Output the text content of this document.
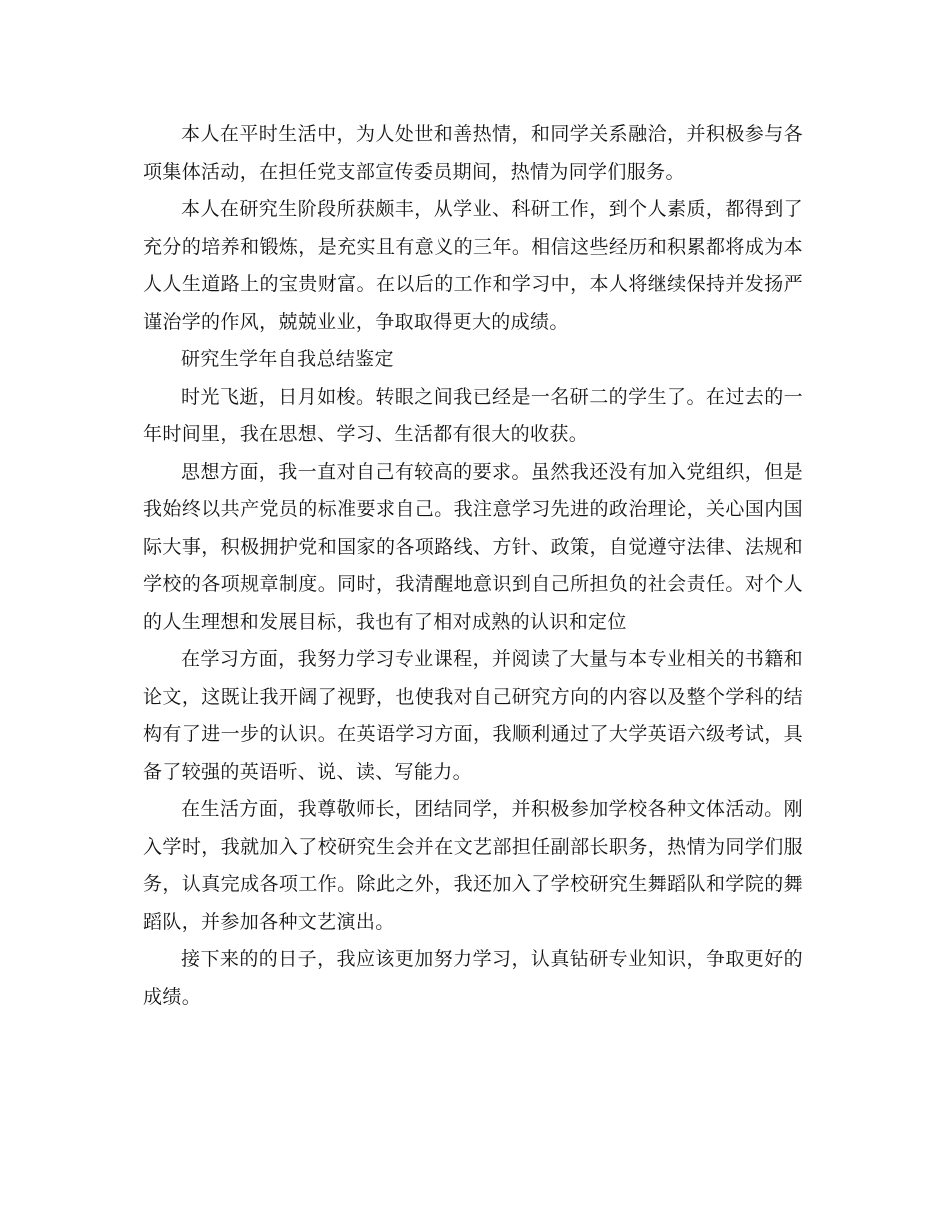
本人在平时生活中，为人处世和善热情，和同学关系融洽，并积极参与各项集体活动，在担任党支部宣传委员期间，热情为同学们服务。

本人在研究生阶段所获颇丰，从学业、科研工作，到个人素质，都得到了充分的培养和锻炼，是充实且有意义的三年。相信这些经历和积累都将成为本人人生道路上的宝贵财富。在以后的工作和学习中，本人将继续保持并发扬严谨治学的作风，兢兢业业，争取取得更大的成绩。

研究生学年自我总结鉴定

时光飞逝，日月如梭。转眼之间我已经是一名研二的学生了。在过去的一年时间里，我在思想、学习、生活都有很大的收获。

思想方面，我一直对自己有较高的要求。虽然我还没有加入党组织，但是我始终以共产党员的标准要求自己。我注意学习先进的政治理论，关心国内国际大事，积极拥护党和国家的各项路线、方针、政策，自觉遵守法律、法规和学校的各项规章制度。同时，我清醒地意识到自己所担负的社会责任。对个人的人生理想和发展目标，我也有了相对成熟的认识和定位

在学习方面，我努力学习专业课程，并阅读了大量与本专业相关的书籍和论文，这既让我开阔了视野，也使我对自己研究方向的内容以及整个学科的结构有了进一步的认识。在英语学习方面，我顺利通过了大学英语六级考试，具备了较强的英语听、说、读、写能力。

在生活方面，我尊敬师长，团结同学，并积极参加学校各种文体活动。刚入学时，我就加入了校研究生会并在文艺部担任副部长职务，热情为同学们服务，认真完成各项工作。除此之外，我还加入了学校研究生舞蹈队和学院的舞蹈队，并参加各种文艺演出。

接下来的的日子，我应该更加努力学习，认真钻研专业知识，争取更好的成绩。
